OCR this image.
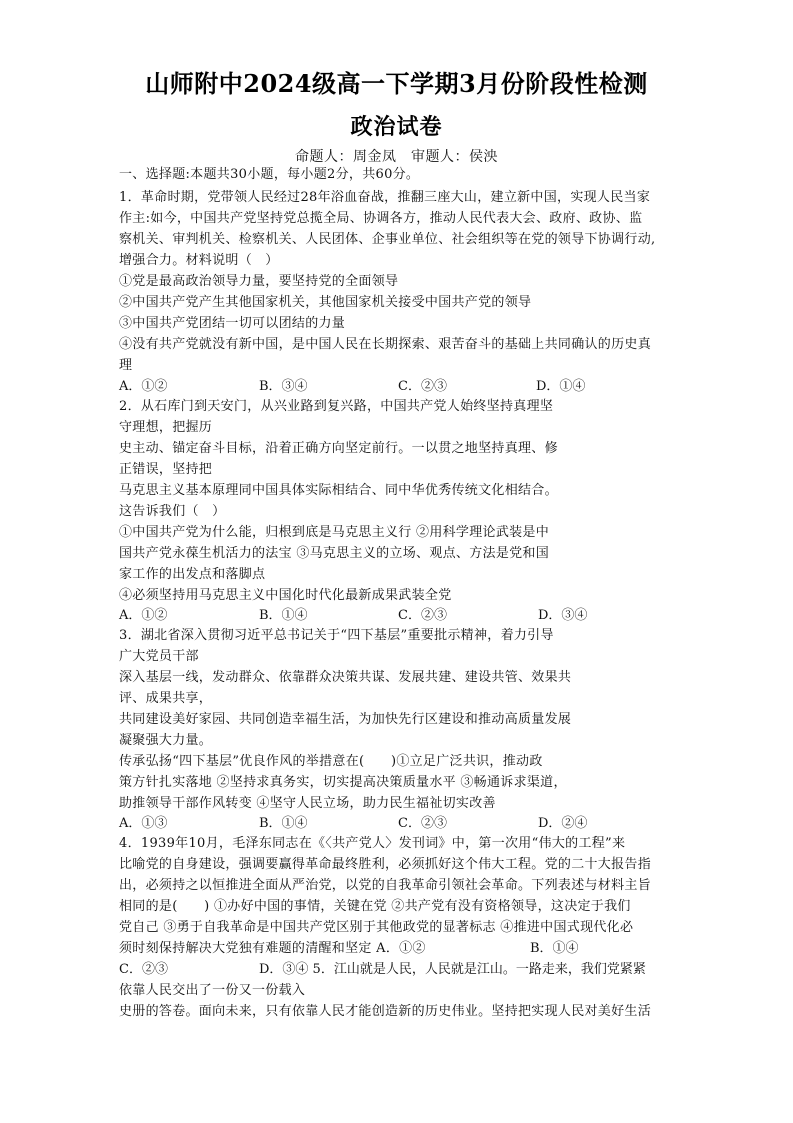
山师附中2024级高一下学期3月份阶段性检测
政治试卷
命题人：周金凤　审题人：侯泱
一、选择题:本题共30小题，每小题2分，共60分。
1．革命时期，党带领人民经过28年浴血奋战，推翻三座大山，建立新中国，实现人民当家
作主:如今，中国共产党坚持党总揽全局、协调各方，推动人民代表大会、政府、政协、监
察机关、审判机关、检察机关、人民团体、企事业单位、社会组织等在党的领导下协调行动,
增强合力。材料说明（　）
①党是最高政治领导力量，要坚持党的全面领导
②中国共产党产生其他国家机关，其他国家机关接受中国共产党的领导
③中国共产党团结一切可以团结的力量
④没有共产党就没有新中国，是中国人民在长期探索、艰苦奋斗的基础上共同确认的历史真
理
A．①②	B．③④	C．②③	D．①④
2．从石库门到天安门，从兴业路到复兴路，中国共产党人始终坚持真理坚
守理想，把握历
史主动、锚定奋斗目标，沿着正确方向坚定前行。一以贯之地坚持真理、修
正错误，坚持把
马克思主义基本原理同中国具体实际相结合、同中华优秀传统文化相结合。
这告诉我们（　）
①中国共产党为什么能，归根到底是马克思主义行 ②用科学理论武装是中
国共产党永葆生机活力的法宝 ③马克思主义的立场、观点、方法是党和国
家工作的出发点和落脚点
④必须坚持用马克思主义中国化时代化最新成果武装全党
A．①②	B．①④	C．②③	D．③④
3．湖北省深入贯彻习近平总书记关于“四下基层”重要批示精神，着力引导
广大党员干部
深入基层一线，发动群众、依靠群众决策共谋、发展共建、建设共管、效果共
评、成果共享，
共同建设美好家园、共同创造幸福生活，为加快先行区建设和推动高质量发展
凝聚强大力量。
传承弘扬“四下基层”优良作风的举措意在(　　)①立足广泛共识，推动政
策方针扎实落地 ②坚持求真务实，切实提高决策质量水平 ③畅通诉求渠道，
助推领导干部作风转变 ④坚守人民立场，助力民生福祉切实改善
A．①③	B．①④	C．②③	D．②④
4．1939年10月，毛泽东同志在《〈共产党人〉发刊词》中，第一次用“伟大的工程”来
比喻党的自身建设，强调要赢得革命最终胜利，必须抓好这个伟大工程。党的二十大报告指
出，必须持之以恒推进全面从严治党，以党的自我革命引领社会革命。下列表述与材料主旨
相同的是(　　) ①办好中国的事情，关键在党 ②共产党有没有资格领导，这决定于我们
党自己 ③勇于自我革命是中国共产党区别于其他政党的显著标志 ④推进中国式现代化必
须时刻保持解决大党独有难题的清醒和坚定 A．①②	B．①④
C．②③	D．③④ 5．江山就是人民，人民就是江山。一路走来，我们党紧紧
依靠人民交出了一份又一份载入
史册的答卷。面向未来，只有依靠人民才能创造新的历史伟业。坚持把实现人民对美好生活
